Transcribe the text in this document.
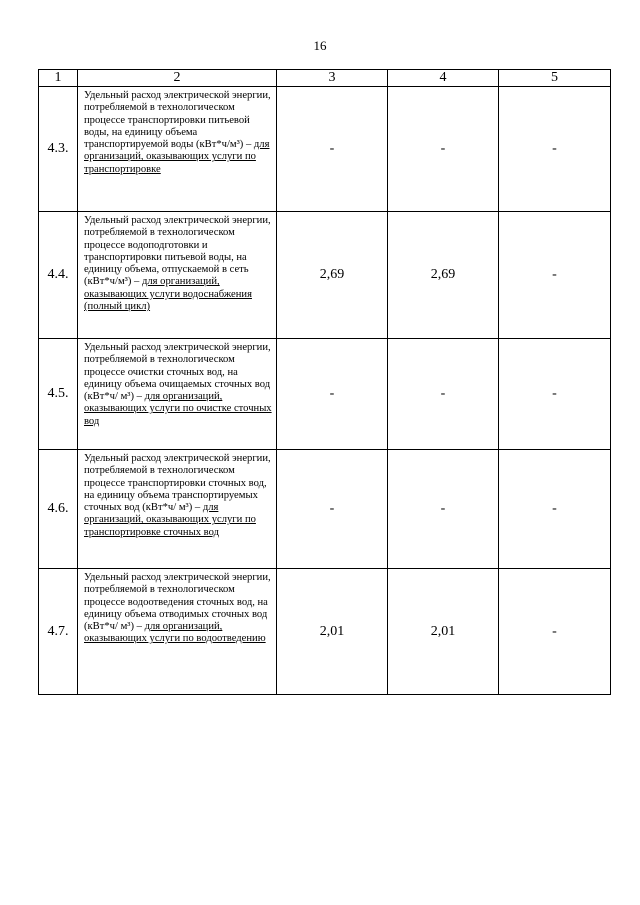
16
1	2	3	4	5
4.3.	Удельный расход электрической энергии, потребляемой в технологическом процессе транспортировки питьевой воды, на единицу объема транспортируемой воды (кВт*ч/м³) – для организаций, оказывающих услуги по транспортировке	-	-	-
4.4.	Удельный расход электрической энергии, потребляемой в технологическом процессе водоподготовки и транспортировки питьевой воды, на единицу объема, отпускаемой в сеть (кВт*ч/м³) – для организаций, оказывающих услуги водоснабжения (полный цикл)	2,69	2,69	-
4.5.	Удельный расход электрической энергии, потребляемой в технологическом процессе очистки сточных вод, на единицу объема очищаемых сточных вод (кВт*ч/ м³) – для организаций, оказывающих услуги по очистке сточных вод	-	-	-
4.6.	Удельный расход электрической энергии, потребляемой в технологическом процессе транспортировки сточных вод, на единицу объема транспортируемых сточных вод (кВт*ч/ м³) – для организаций, оказывающих услуги по транспортировке сточных вод	-	-	-
4.7.	Удельный расход электрической энергии, потребляемой в технологическом процессе водоотведения сточных вод, на единицу объема отводимых сточных вод (кВт*ч/ м³) – для организаций, оказывающих услуги по водоотведению	2,01	2,01	-
